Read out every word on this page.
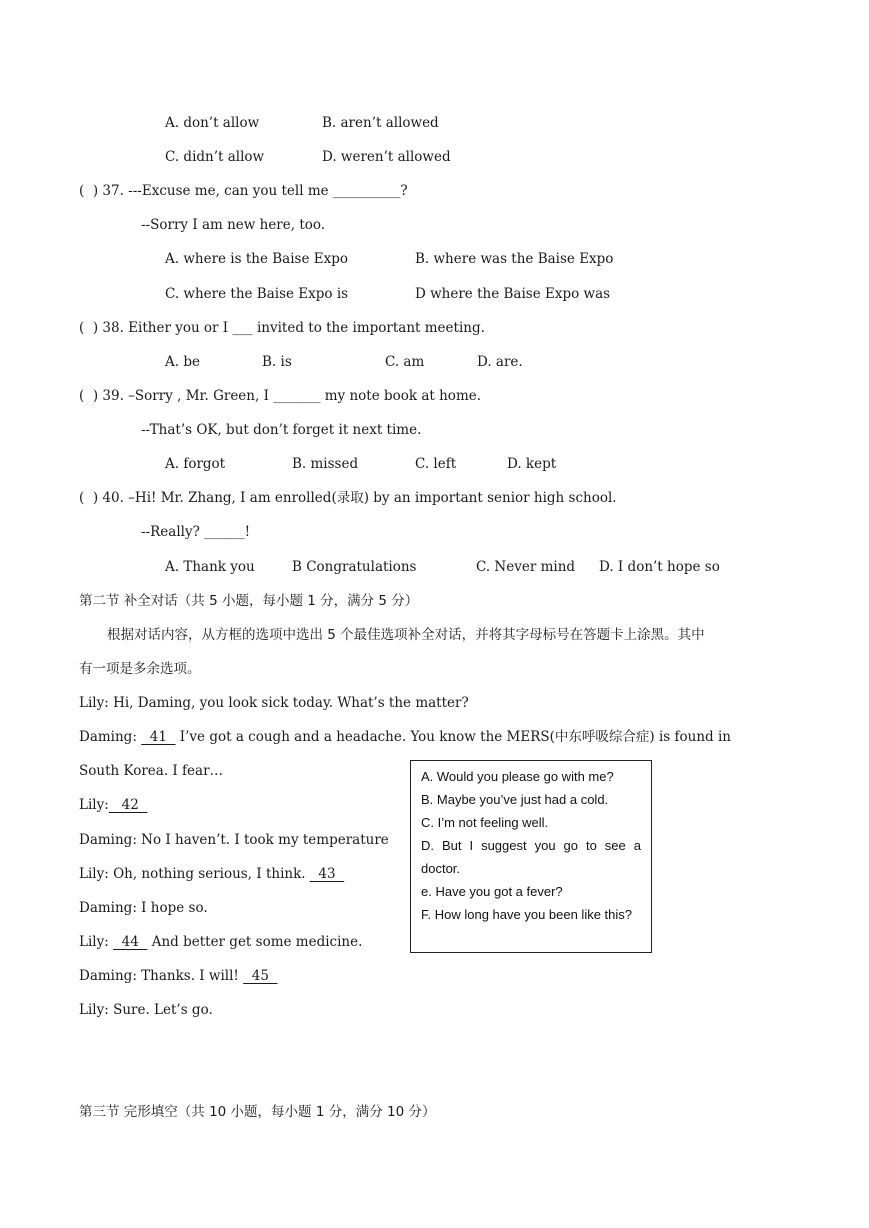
A. don’t allow	B. aren’t allowed
C. didn’t allow	D. weren’t allowed
(  ) 37. ---Excuse me, can you tell me __________?
--Sorry I am new here, too.
A. where is the Baise Expo	B. where was the Baise Expo
C. where the Baise Expo is	D where the Baise Expo was
(  ) 38. Either you or I ___ invited to the important meeting.
A. be	B. is	C. am	D. are.
(  ) 39. –Sorry , Mr. Green, I _______ my note book at home.
--That’s OK, but don’t forget it next time.
A. forgot	B. missed	C. left	D. kept
(  ) 40. –Hi! Mr. Zhang, I am enrolled(录取) by an important senior high school.
--Really? ______!
A. Thank you	B Congratulations	C. Never mind D. I don’t hope so
第二节 补全对话（共 5 小题，每小题 1 分，满分 5 分）
根据对话内容，从方框的选项中选出 5 个最佳选项补全对话，并将其字母标号在答题卡上涂黑。其中
有一项是多余选项。
Lily: Hi, Daming, you look sick today. What’s the matter?
Daming:   41   I’ve got a cough and a headache. You know the MERS(中东呼吸综合症) is found in
South Korea. I fear…
Lily:   42
Daming: No I haven’t. I took my temperature
Lily: Oh, nothing serious, I think.   43
Daming: I hope so.
Lily:   44   And better get some medicine.
Daming: Thanks. I will!   45
Lily: Sure. Let’s go.
A. Would you please go with me?
B. Maybe you’ve just had a cold.
C. I’m not feeling well.
D. But I suggest you go to see a doctor.
e. Have you got a fever?
F. How long have you been like this?
第三节 完形填空（共 10 小题，每小题 1 分，满分 10 分）
